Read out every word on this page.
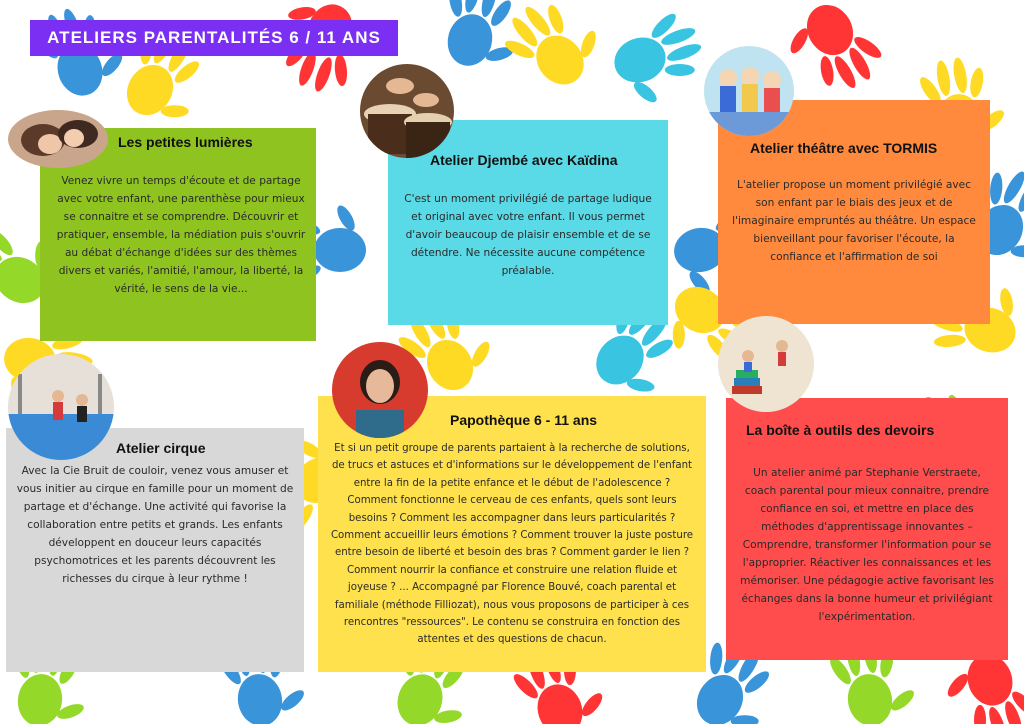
ATELIERS PARENTALITÉS 6 / 11 ANS
Les petites lumières

Venez vivre un temps d'écoute et de partage avec votre enfant, une parenthèse pour mieux se connaitre et se comprendre. Découvrir et pratiquer, ensemble, la médiation puis s'ouvrir au débat d'échange d'idées sur des thèmes divers et variés, l'amitié, l'amour, la liberté, la vérité, le sens de la vie...

Atelier Djembé avec Kaïdina

C'est un moment privilégié de partage ludique et original avec votre enfant. Il vous permet d'avoir beaucoup de plaisir ensemble et de se détendre. Ne nécessite aucune compétence préalable.

Atelier théâtre avec TORMIS

L'atelier propose un moment privilégié avec son enfant par le biais des jeux et de l'imaginaire empruntés au théâtre. Un espace bienveillant pour favoriser l'écoute, la confiance et l'affirmation de soi

Atelier cirque

Avec la Cie Bruit de couloir, venez vous amuser et vous initier au cirque en famille pour un moment de partage et d'échange. Une activité qui favorise la collaboration entre petits et grands. Les enfants développent en douceur leurs capacités psychomotrices et les parents découvrent les richesses du cirque à leur rythme !

Papothèque 6 - 11 ans

Et si un petit groupe de parents partaient à la recherche de solutions, de trucs et astuces et d'informations sur le développement de l'enfant entre la fin de la petite enfance et le début de l'adolescence ? Comment fonctionne le cerveau de ces enfants, quels sont leurs besoins ? Comment les accompagner dans leurs particularités ? Comment accueillir leurs émotions ? Comment trouver la juste posture entre besoin de liberté et besoin des bras ? Comment garder le lien ? Comment nourrir la confiance et construire une relation fluide et joyeuse ? ... Accompagné par Florence Bouvé, coach parental et familiale (méthode Filliozat), nous vous proposons de participer à ces rencontres "ressources". Le contenu se construira en fonction des attentes et des questions de chacun.

La boîte à outils des devoirs

Un atelier animé par Stephanie Verstraete, coach parental pour mieux connaitre, prendre confiance en soi, et mettre en place des méthodes d'apprentissage innovantes – Comprendre, transformer l'information pour se l'approprier. Réactiver les connaissances et les mémoriser. Une pédagogie active favorisant les échanges dans la bonne humeur et privilégiant l'expérimentation.
